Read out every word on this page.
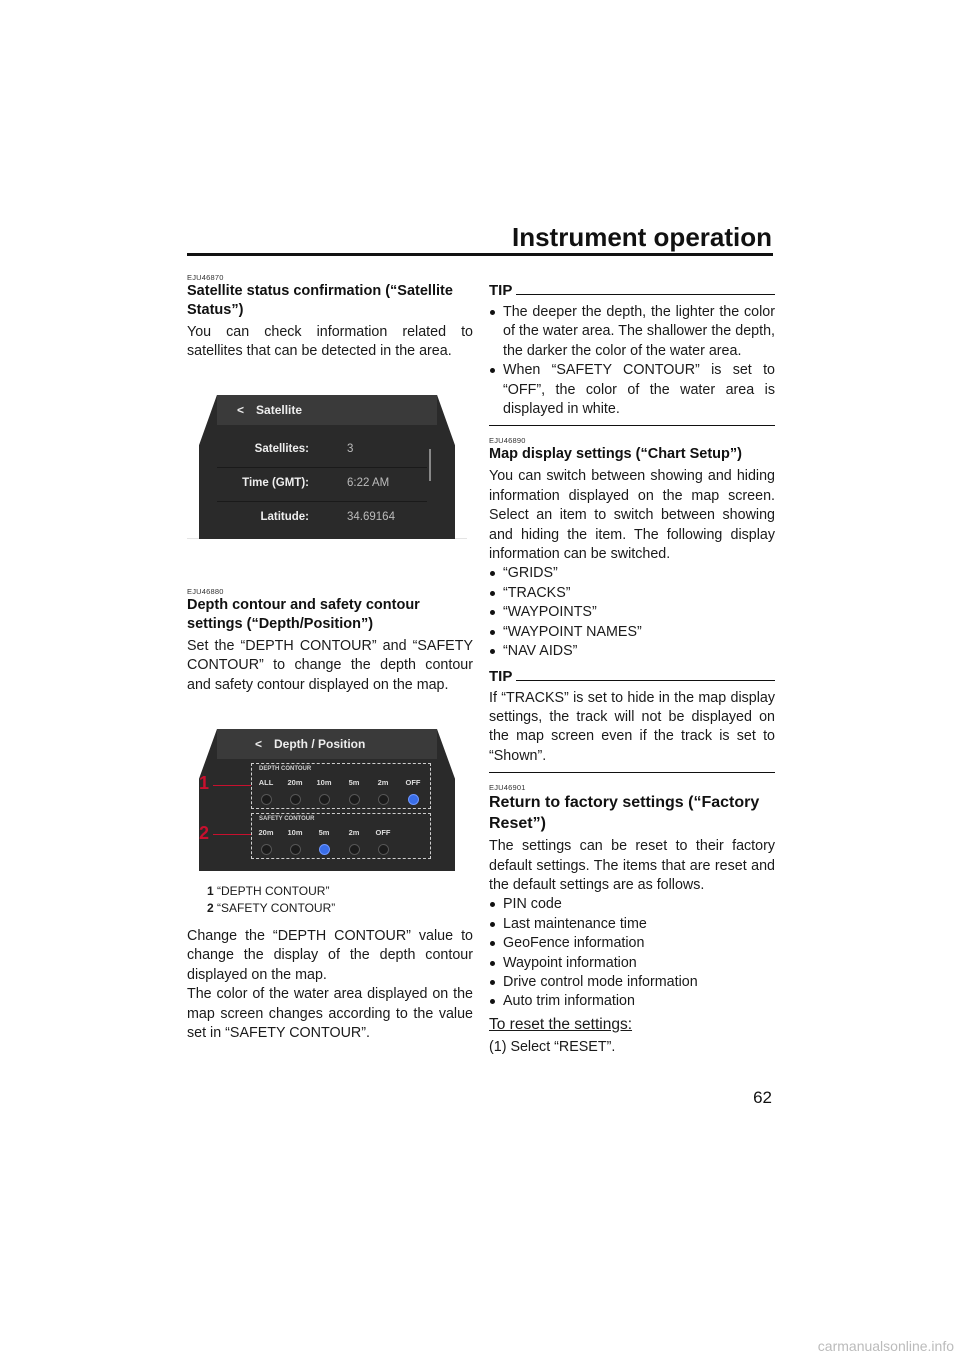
Instrument operation
EJU46870
Satellite status confirmation (“Satellite Status”)

You can check information related to satellites that can be detected in the area.

< Satellite
Satellites:	3
Time (GMT):	6:22 AM
Latitude:	34.69164
EJU46880
Depth contour and safety contour settings (“Depth/Position”)

Set the “DEPTH CONTOUR” and “SAFETY CONTOUR” to change the depth contour and safety contour displayed on the map.

< Depth / Position
DEPTH CONTOUR
ALL	20m	10m	5m	2m	OFF
SAFETY CONTOUR
20m	10m	5m	2m	OFF
1
2
1 “DEPTH CONTOUR”
2 “SAFETY CONTOUR”

Change the “DEPTH CONTOUR” value to change the display of the depth contour displayed on the map.

The color of the water area displayed on the map screen changes according to the value set in “SAFETY CONTOUR”.

TIP
The deeper the depth, the lighter the color of the water area. The shallower the depth, the darker the color of the water area.
When “SAFETY CONTOUR” is set to “OFF”, the color of the water area is displayed in white.
EJU46890
Map display settings (“Chart Setup”)

You can switch between showing and hiding information displayed on the map screen. Select an item to switch between showing and hiding the item. The following display information can be switched.

“GRIDS”
“TRACKS”
“WAYPOINTS”
“WAYPOINT NAMES”
“NAV AIDS”
TIP

If “TRACKS” is set to hide in the map display settings, the track will not be displayed on the map screen even if the track is set to “Shown”.

EJU46901
Return to factory settings (“Factory Reset”)

The settings can be reset to their factory default settings. The items that are reset and the default settings are as follows.

PIN code
Last maintenance time
GeoFence information
Waypoint information
Drive control mode information
Auto trim information
To reset the settings:
(1) Select “RESET”.
62
carmanualsonline.info
